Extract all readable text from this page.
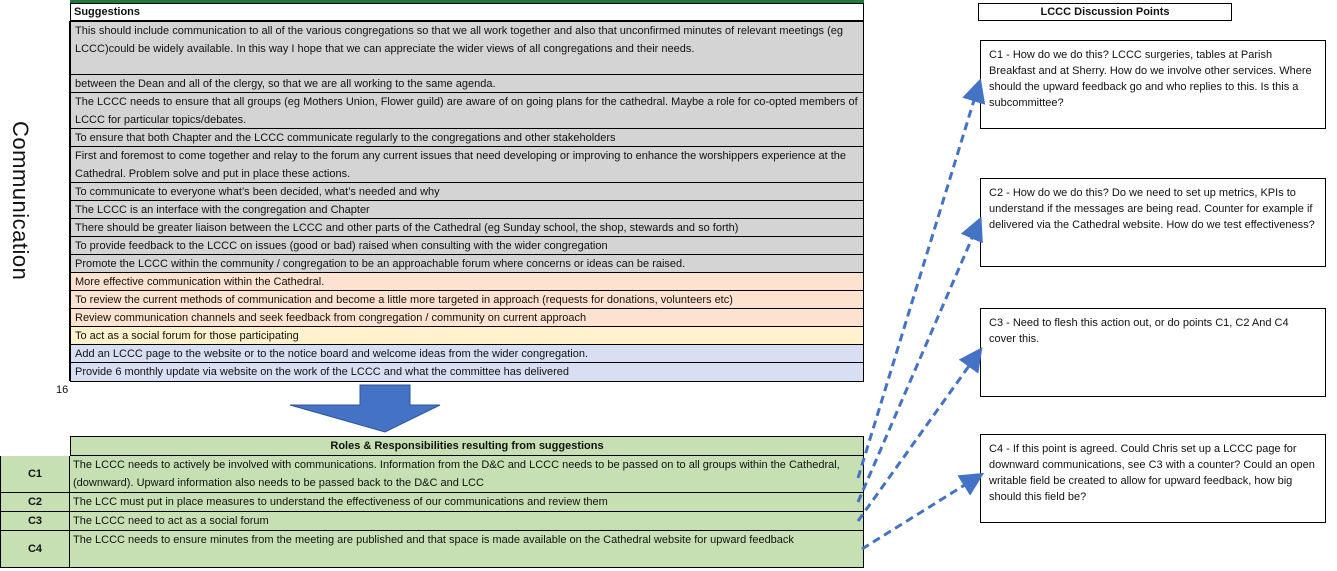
Suggestions
Communication
This should include communication to all of the various congregations so that we all work together and also that unconfirmed minutes of relevant meetings (eg LCCC)could be widely available. In this way I hope that we can appreciate the wider views of all congregations and their needs.
between the Dean and all of the clergy, so that we are all working to the same agenda.
The LCCC needs to ensure that all groups (eg Mothers Union, Flower guild) are aware of on going plans for the cathedral. Maybe a role for co-opted members of LCCC for particular topics/debates.
To ensure that both Chapter and the LCCC communicate regularly to the congregations and other stakeholders
First and foremost to come together and relay to the forum any current issues that need developing or improving to enhance the worshippers experience at the Cathedral. Problem solve and put in place these actions.
To communicate to everyone what’s been decided, what’s needed and why
The LCCC is an interface with the congregation and Chapter
There should be greater liaison between the LCCC and other parts of the Cathedral (eg Sunday school, the shop, stewards and so forth)
To provide feedback to the LCCC on issues (good or bad) raised when consulting with the wider congregation
Promote the LCCC within the community / congregation to be an approachable forum where concerns or ideas can be raised.
More effective communication within the Cathedral.
To review the current methods of communication and become a little more targeted in approach (requests for donations, volunteers etc)
Review communication channels and seek feedback from congregation / community on current approach
To act as a social forum for those participating
Add an LCCC page to the website or to the notice board and welcome ideas from the wider congregation.
Provide 6 monthly update via website on the work of the LCCC and what the committee has delivered
16
Roles & Responsibilities resulting from suggestions
C1
The LCCC needs to actively be involved with communications. Information from the D&C and LCCC needs to be passed on to all groups within the Cathedral, (downward). Upward information also needs to be passed back to the D&C and LCC
C2	The LCC must put in place measures to understand the effectiveness of our communications and review them
C3	The LCCC need to act as a social forum
C4
The LCCC needs to ensure minutes from the meeting are published and that space is made available on the Cathedral website for upward feedback
LCCC Discussion Points
C1 - How do we do this? LCCC surgeries, tables at Parish Breakfast and at Sherry. How do we involve other services. Where should the upward feedback go and who replies to this. Is this a subcommittee?
C2 - How do we do this? Do we need to set up metrics, KPIs to understand if the messages are being read. Counter for example if delivered via the Cathedral website. How do we test effectiveness?
C3 - Need to flesh this action out, or do points C1, C2 And C4 cover this.
C4 - If this point is agreed. Could Chris set up a LCCC page for downward communications, see C3 with a counter? Could an open writable field be created to allow for upward feedback, how big should this field be?
